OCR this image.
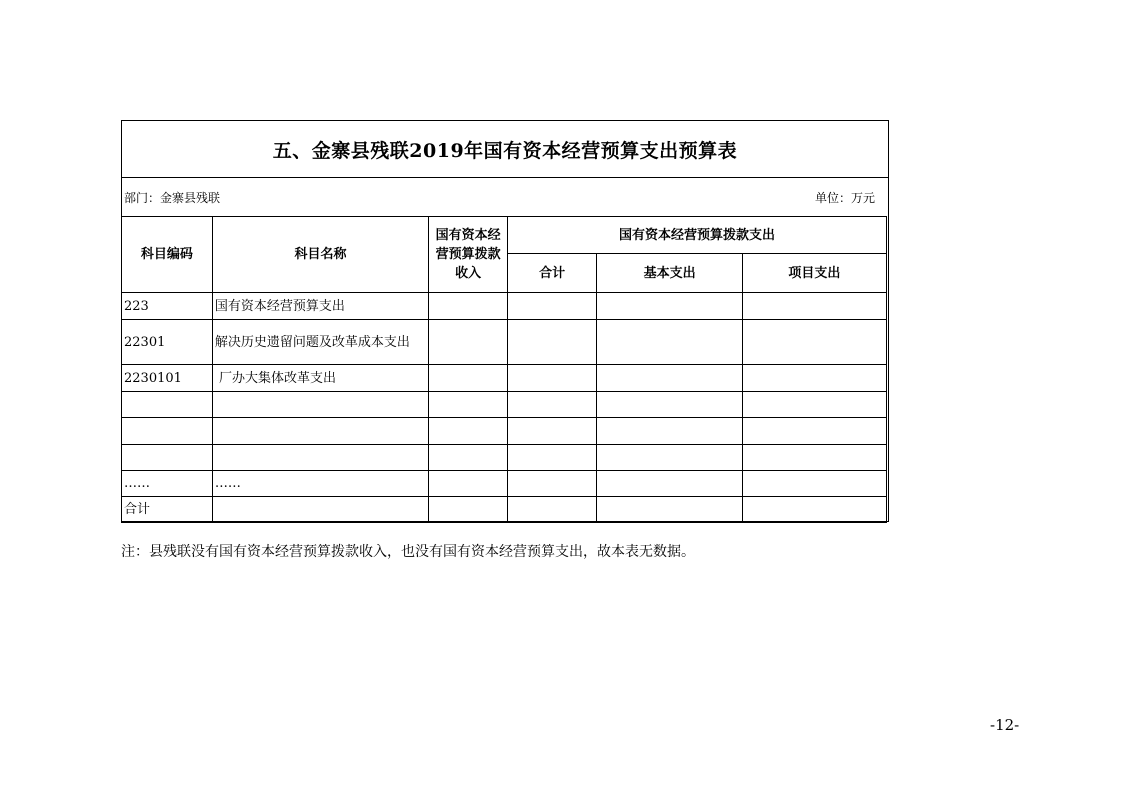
五、金寨县残联2019年国有资本经营预算支出预算表
部门：金寨县残联	单位：万元
科目编码	科目名称	国有资本经营预算拨款收入	国有资本经营预算拨款支出		
			合计	基本支出	项目支出
223	国有资本经营预算支出				
22301	解决历史遗留问题及改革成本支出				
2230101	厂办大集体改革支出				

……	……				
合计					
注：县残联没有国有资本经营预算拨款收入，也没有国有资本经营预算支出，故本表无数据。
-12-
